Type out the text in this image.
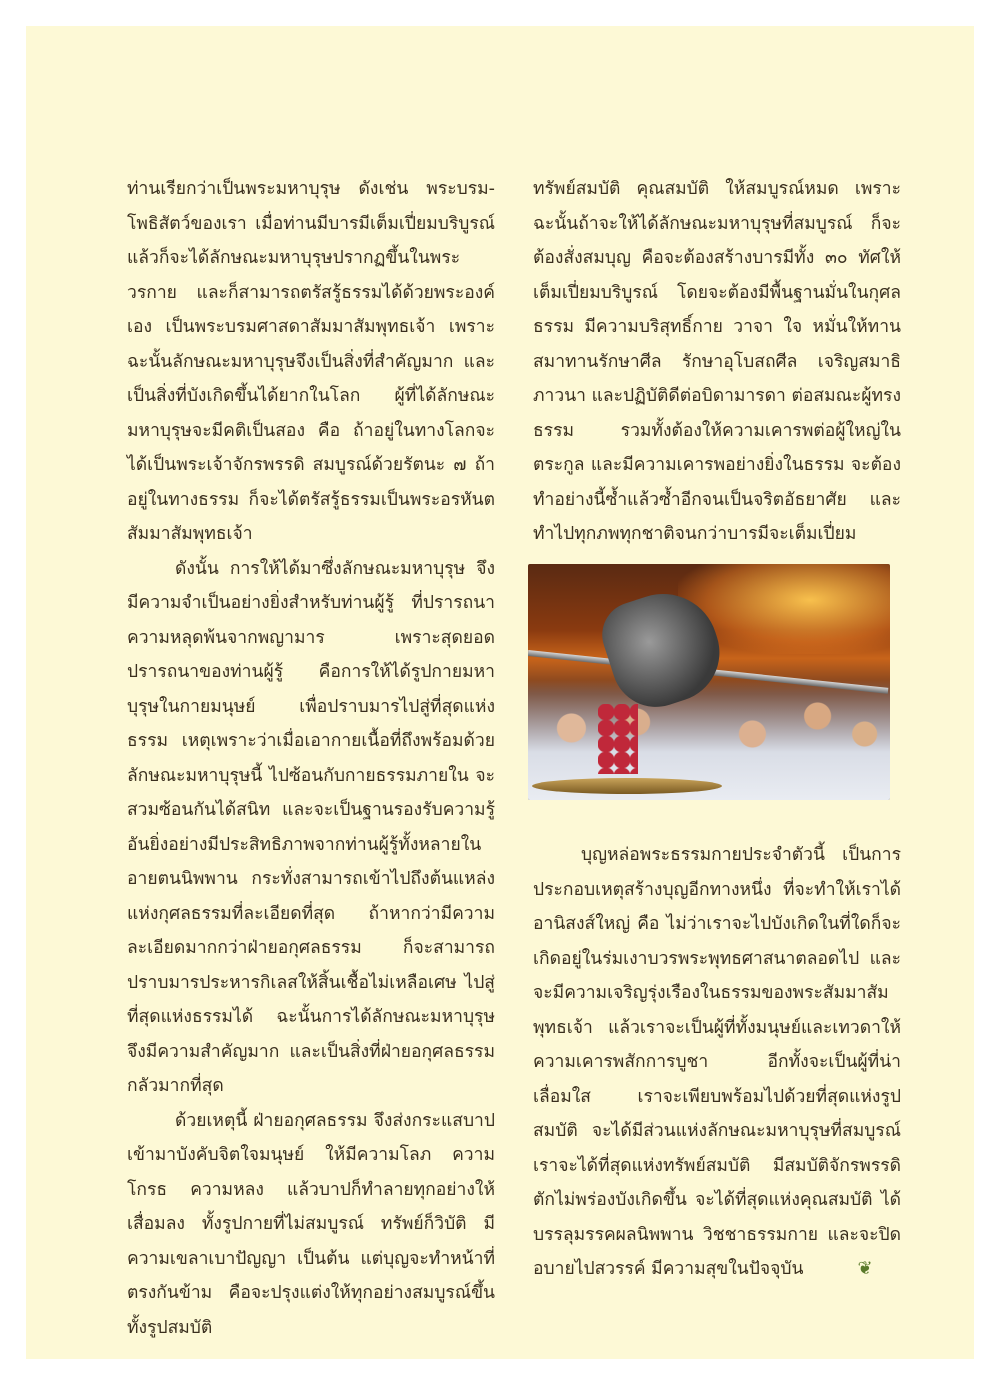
ท่านเรียกว่าเป็นพระมหาบุรุษ ดังเช่น พระบรม-โพธิสัตว์ของเรา เมื่อท่านมีบารมีเต็มเปี่ยมบริบูรณ์ แล้วก็จะได้ลักษณะมหาบุรุษปรากฏขึ้นในพระวรกาย และก็สามารถตรัสรู้ธรรมได้ด้วยพระองค์เอง เป็นพระบรมศาสดาสัมมาสัมพุทธเจ้า เพราะฉะนั้นลักษณะมหาบุรุษจึงเป็นสิ่งที่สำคัญมาก และเป็นสิ่งที่บังเกิดขึ้นได้ยากในโลก ผู้ที่ได้ลักษณะมหาบุรุษจะมีคติเป็นสอง คือ ถ้าอยู่ในทางโลกจะได้เป็นพระเจ้าจักรพรรดิ สมบูรณ์ด้วยรัตนะ ๗ ถ้าอยู่ในทางธรรม ก็จะได้ตรัสรู้ธรรมเป็นพระอรหันตสัมมาสัมพุทธเจ้า

ดังนั้น การให้ได้มาซึ่งลักษณะมหาบุรุษ จึงมีความจำเป็นอย่างยิ่งสำหรับท่านผู้รู้ ที่ปรารถนาความหลุดพ้นจากพญามาร เพราะสุดยอดปรารถนาของท่านผู้รู้ คือการให้ได้รูปกายมหาบุรุษในกายมนุษย์ เพื่อปราบมารไปสู่ที่สุดแห่งธรรม เหตุเพราะว่าเมื่อเอากายเนื้อที่ถึงพร้อมด้วยลักษณะมหาบุรุษนี้ ไปซ้อนกับกายธรรมภายใน จะสวมซ้อนกันได้สนิท และจะเป็นฐานรองรับความรู้อันยิ่งอย่างมีประสิทธิภาพจากท่านผู้รู้ทั้งหลายในอายตนนิพพาน กระทั่งสามารถเข้าไปถึงต้นแหล่งแห่งกุศลธรรมที่ละเอียดที่สุด ถ้าหากว่ามีความละเอียดมากกว่าฝ่ายอกุศลธรรม ก็จะสามารถปราบมารประหารกิเลสให้สิ้นเชื้อไม่เหลือเศษ ไปสู่ที่สุดแห่งธรรมได้ ฉะนั้นการได้ลักษณะมหาบุรุษจึงมีความสำคัญมาก และเป็นสิ่งที่ฝ่ายอกุศลธรรมกลัวมากที่สุด

ด้วยเหตุนี้ ฝ่ายอกุศลธรรม จึงส่งกระแสบาปเข้ามาบังคับจิตใจมนุษย์ ให้มีความโลภ ความโกรธ ความหลง แล้วบาปก็ทำลายทุกอย่างให้เสื่อมลง ทั้งรูปกายที่ไม่สมบูรณ์ ทรัพย์ก็วิบัติ มีความเขลาเบาปัญญา เป็นต้น แต่บุญจะทำหน้าที่ตรงกันข้าม คือจะปรุงแต่งให้ทุกอย่างสมบูรณ์ขึ้น ทั้งรูปสมบัติ

ทรัพย์สมบัติ คุณสมบัติ ให้สมบูรณ์หมด เพราะฉะนั้นถ้าจะให้ได้ลักษณะมหาบุรุษที่สมบูรณ์ ก็จะต้องสั่งสมบุญ คือจะต้องสร้างบารมีทั้ง ๓๐ ทัศให้เต็มเปี่ยมบริบูรณ์ โดยจะต้องมีพื้นฐานมั่นในกุศลธรรม มีความบริสุทธิ์กาย วาจา ใจ หมั่นให้ทาน สมาทานรักษาศีล รักษาอุโบสถศีล เจริญสมาธิภาวนา และปฏิบัติดีต่อบิดามารดา ต่อสมณะผู้ทรงธรรม รวมทั้งต้องให้ความเคารพต่อผู้ใหญ่ในตระกูล และมีความเคารพอย่างยิ่งในธรรม จะต้องทำอย่างนี้ซ้ำแล้วซ้ำอีกจนเป็นจริตอัธยาศัย และทำไปทุกภพทุกชาติจนกว่าบารมีจะเต็มเปี่ยม

บุญหล่อพระธรรมกายประจำตัวนี้ เป็นการประกอบเหตุสร้างบุญอีกทางหนึ่ง ที่จะทำให้เราได้อานิสงส์ใหญ่ คือ ไม่ว่าเราจะไปบังเกิดในที่ใดก็จะเกิดอยู่ในร่มเงาบวรพระพุทธศาสนาตลอดไป และจะมีความเจริญรุ่งเรืองในธรรมของพระสัมมาสัมพุทธเจ้า แล้วเราจะเป็นผู้ที่ทั้งมนุษย์และเทวดาให้ความเคารพสักการบูชา อีกทั้งจะเป็นผู้ที่น่าเลื่อมใส เราจะเพียบพร้อมไปด้วยที่สุดแห่งรูปสมบัติ จะได้มีส่วนแห่งลักษณะมหาบุรุษที่สมบูรณ์ เราจะได้ที่สุดแห่งทรัพย์สมบัติ มีสมบัติจักรพรรดิตักไม่พร่องบังเกิดขึ้น จะได้ที่สุดแห่งคุณสมบัติ ได้บรรลุมรรคผลนิพพาน วิชชาธรรมกาย และจะปิดอบายไปสวรรค์ มีความสุขในปัจจุบัน	❦
